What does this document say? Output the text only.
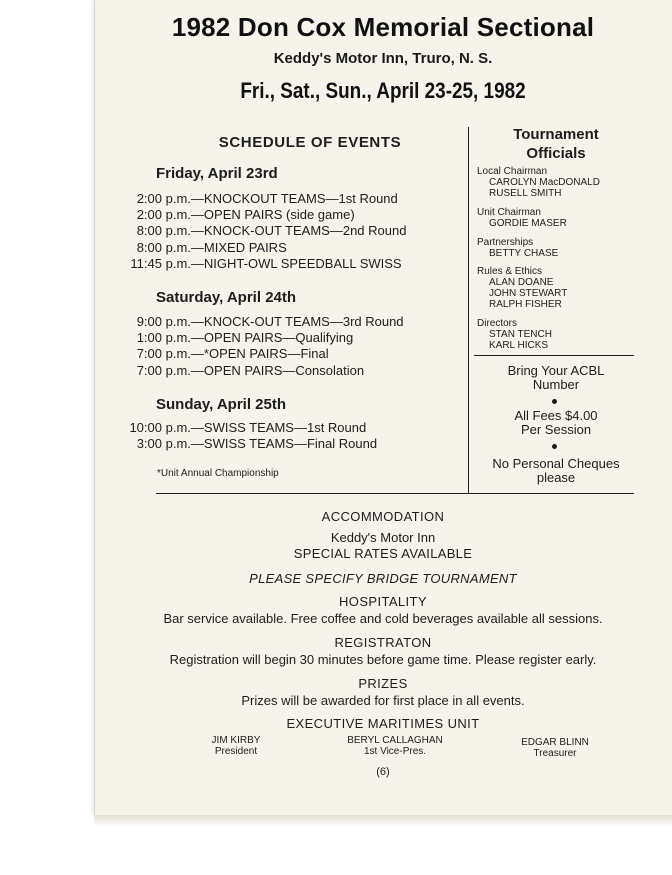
1982 Don Cox Memorial Sectional
Keddy's Motor Inn, Truro, N. S.
Fri., Sat., Sun., April 23-25, 1982
SCHEDULE OF EVENTS
Friday, April 23rd
2:00 p.m.—KNOCKOUT TEAMS—1st Round
2:00 p.m.—OPEN PAIRS (side game)
8:00 p.m.—KNOCK-OUT TEAMS—2nd Round
8:00 p.m.—MIXED PAIRS
11:45 p.m.—NIGHT-OWL SPEEDBALL SWISS
Saturday, April 24th
9:00 p.m.—KNOCK-OUT TEAMS—3rd Round
1:00 p.m.—OPEN PAIRS—Qualifying
7:00 p.m.—*OPEN PAIRS—Final
7:00 p.m.—OPEN PAIRS—Consolation
Sunday, April 25th
10:00 p.m.—SWISS TEAMS—1st Round
3:00 p.m.—SWISS TEAMS—Final Round
*Unit Annual Championship
Tournament
Officials
Local Chairman
CAROLYN MacDONALD
RUSELL SMITH
Unit Chairman
GORDIE MASER
Partnerships
BETTY CHASE
Rules & Ethics
ALAN DOANE
JOHN STEWART
RALPH FISHER
Directors
STAN TENCH
KARL HICKS
Bring Your ACBL
Number
All Fees $4.00
Per Session
No Personal Cheques
please
ACCOMMODATION
Keddy's Motor Inn
SPECIAL RATES AVAILABLE
PLEASE SPECIFY BRIDGE TOURNAMENT
HOSPITALITY
Bar service available. Free coffee and cold beverages available all sessions.
REGISTRATON
Registration will begin 30 minutes before game time. Please register early.
PRIZES
Prizes will be awarded for first place in all events.
EXECUTIVE MARITIMES UNIT
JIM KIRBY
President
BERYL CALLAGHAN
1st Vice-Pres.
EDGAR BLINN
Treasurer
(6)
